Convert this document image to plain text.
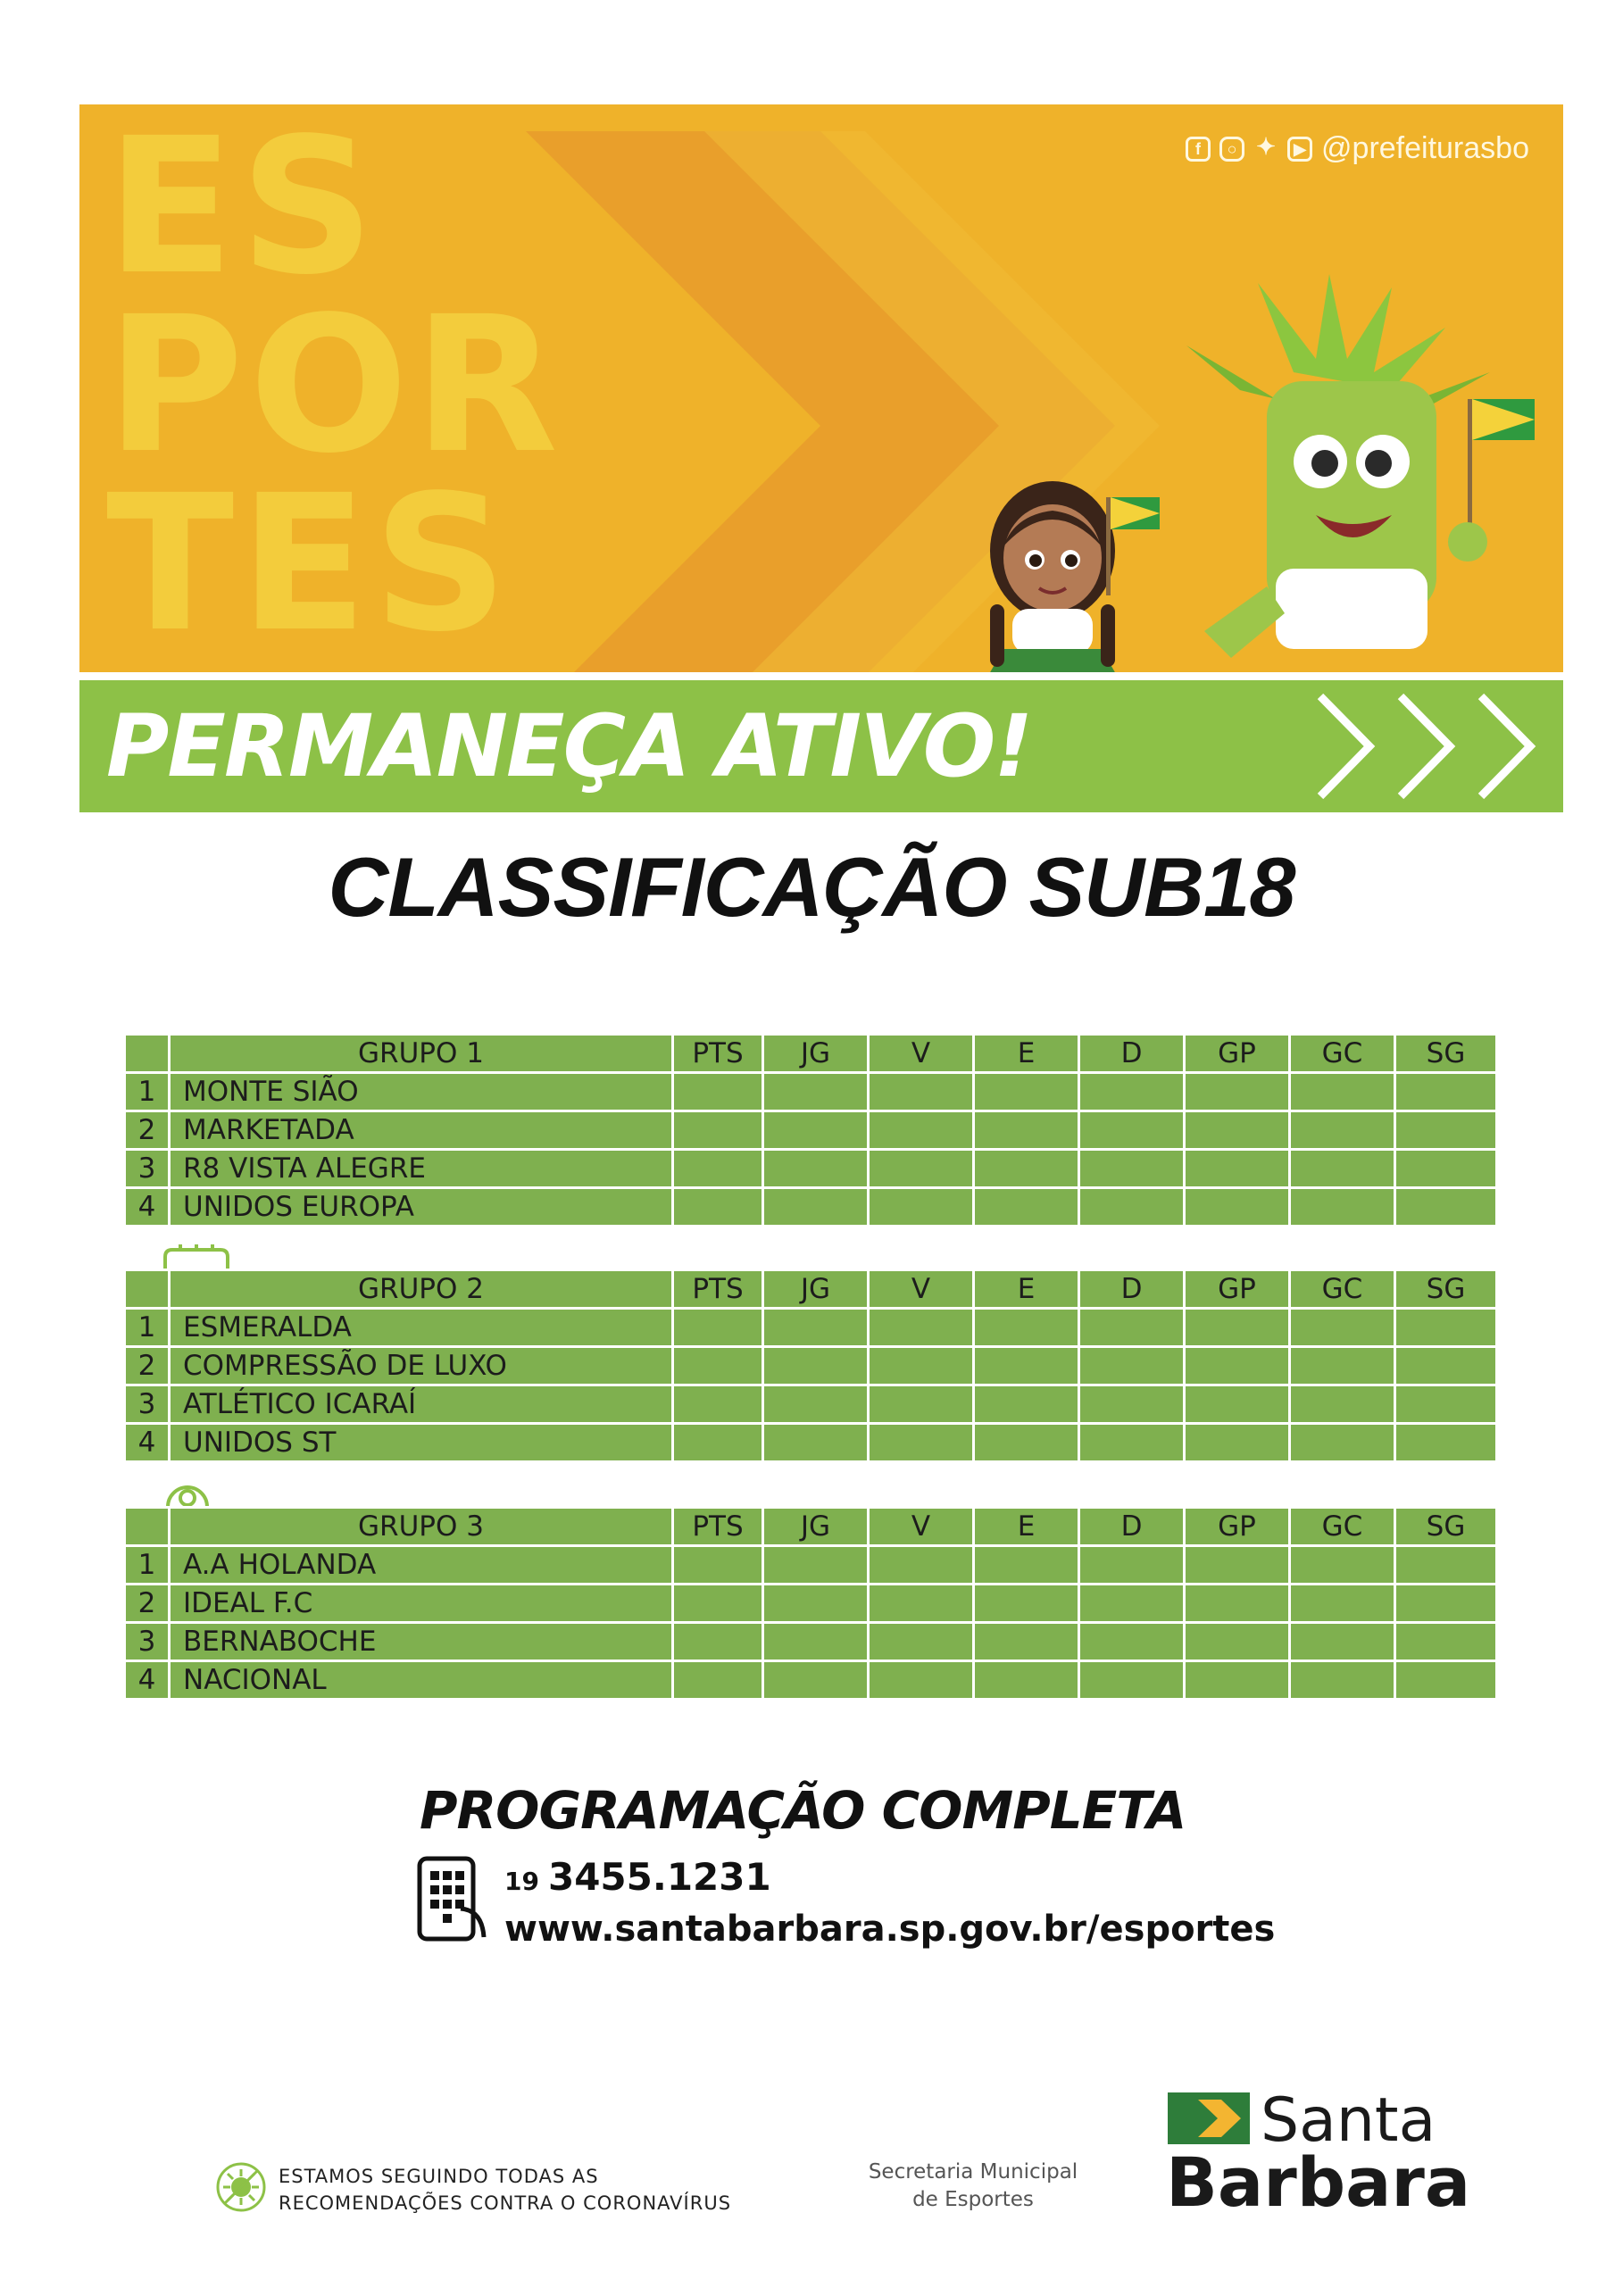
ES
POR
TES
f	○ ✦	▶ @prefeiturasbo
PERMANEÇA ATIVO!
CLASSIFICAÇÃO SUB18
	GRUPO 1	PTS	JG	V	E	D	GP	GC	SG
1	MONTE SIÃO								
2	MARKETADA								
3	R8 VISTA ALEGRE								
4	UNIDOS EUROPA								
	GRUPO 2	PTS	JG	V	E	D	GP	GC	SG
1	ESMERALDA								
2	COMPRESSÃO DE LUXO								
3	ATLÉTICO ICARAÍ								
4	UNIDOS ST								
	GRUPO 3	PTS	JG	V	E	D	GP	GC	SG
1	A.A HOLANDA								
2	IDEAL F.C								
3	BERNABOCHE								
4	NACIONAL								
PROGRAMAÇÃO COMPLETA
19 3455.1231
www.santabarbara.sp.gov.br/esportes
ESTAMOS SEGUINDO TODAS AS
RECOMENDAÇÕES CONTRA O CORONAVÍRUS
Secretaria Municipal
de Esportes
Santa
Barbara
